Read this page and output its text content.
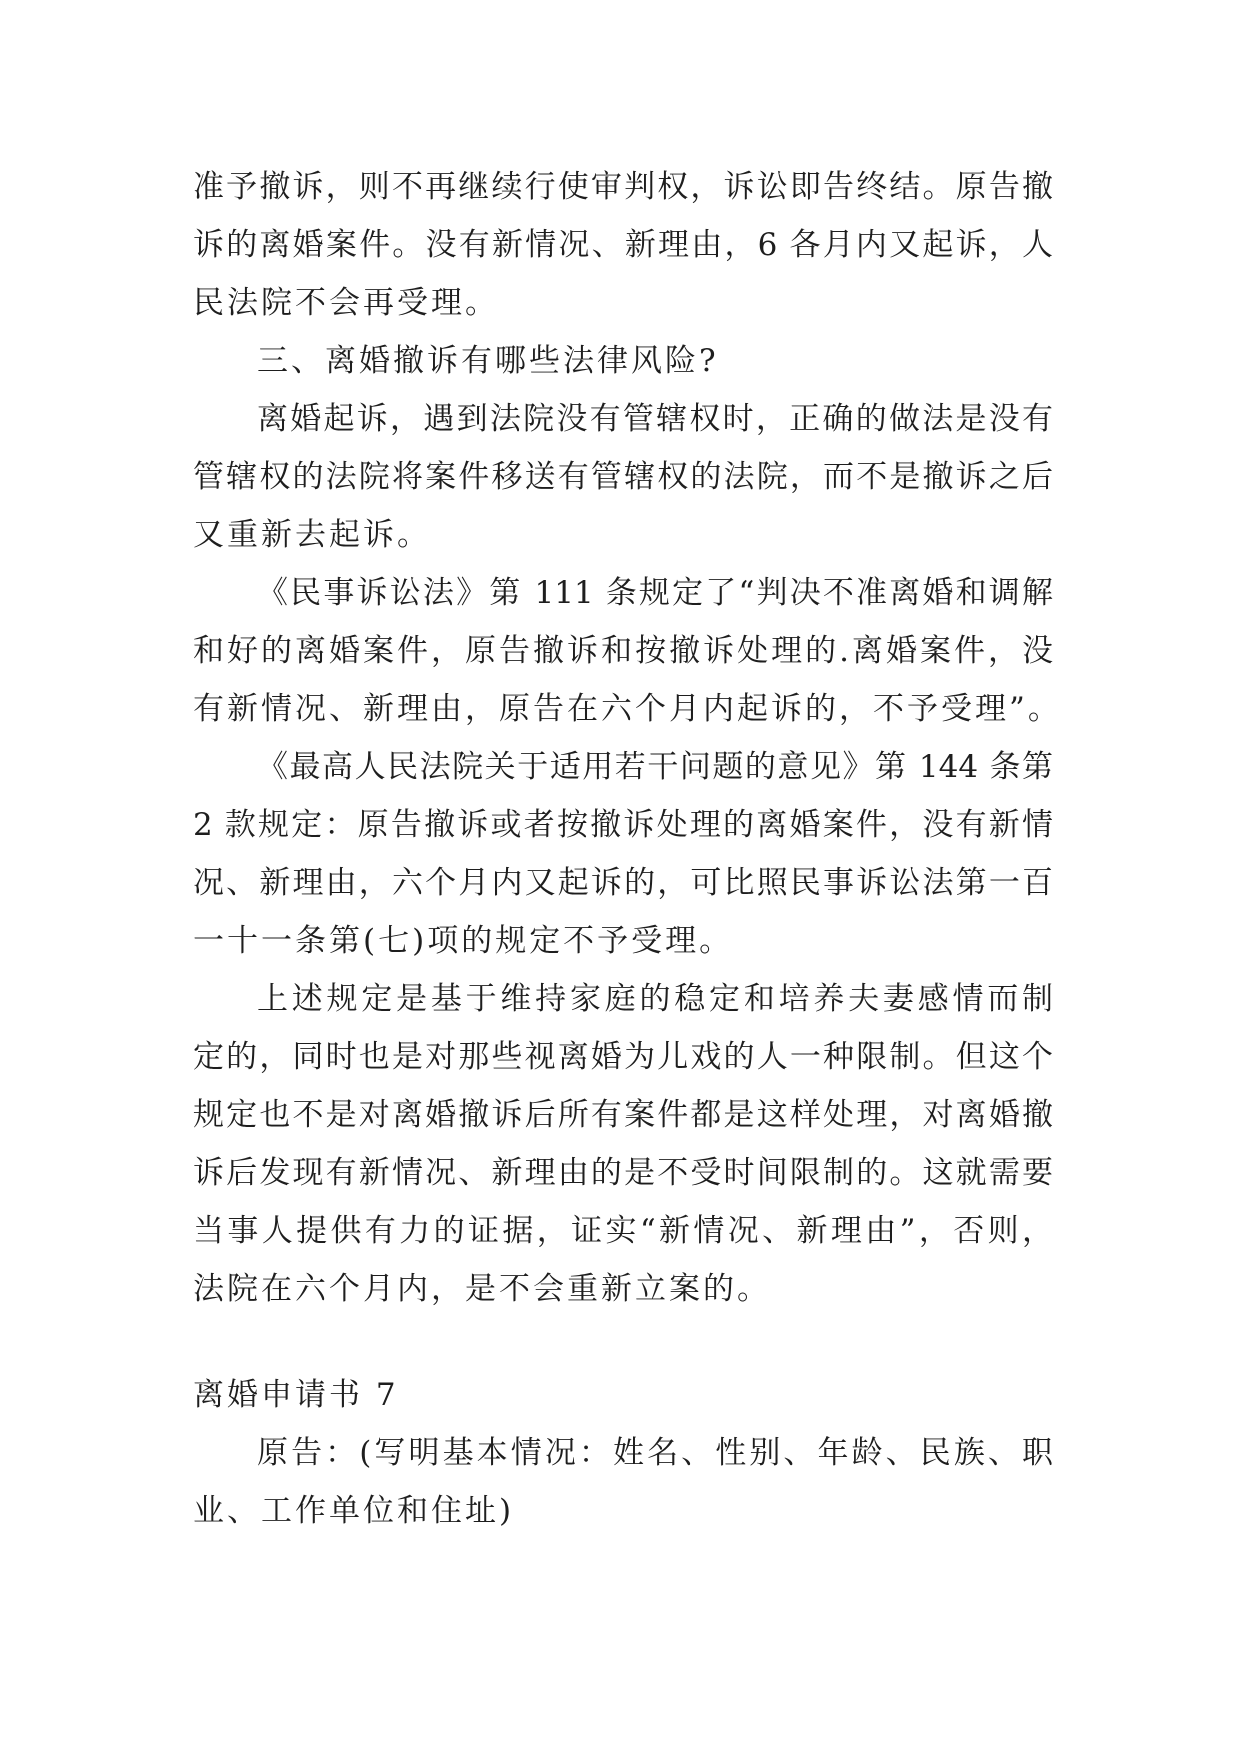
准予撤诉，则不再继续行使审判权，诉讼即告终结。原告撤
诉的离婚案件。没有新情况、新理由，6 各月内又起诉，人
民法院不会再受理。

三、离婚撤诉有哪些法律风险?

离婚起诉，遇到法院没有管辖权时，正确的做法是没有
管辖权的法院将案件移送有管辖权的法院，而不是撤诉之后
又重新去起诉。

《民事诉讼法》第 111 条规定了“判决不准离婚和调解
和好的离婚案件，原告撤诉和按撤诉处理的.离婚案件，没
有新情况、新理由，原告在六个月内起诉的，不予受理”。

《最高人民法院关于适用若干问题的意见》第 144 条第
2 款规定：原告撤诉或者按撤诉处理的离婚案件，没有新情
况、新理由，六个月内又起诉的，可比照民事诉讼法第一百
一十一条第(七)项的规定不予受理。

上述规定是基于维持家庭的稳定和培养夫妻感情而制
定的，同时也是对那些视离婚为儿戏的人一种限制。但这个
规定也不是对离婚撤诉后所有案件都是这样处理，对离婚撤
诉后发现有新情况、新理由的是不受时间限制的。这就需要
当事人提供有力的证据，证实“新情况、新理由”，否则，
法院在六个月内，是不会重新立案的。

离婚申请书 7

原告：(写明基本情况：姓名、性别、年龄、民族、职
业、工作单位和住址)
